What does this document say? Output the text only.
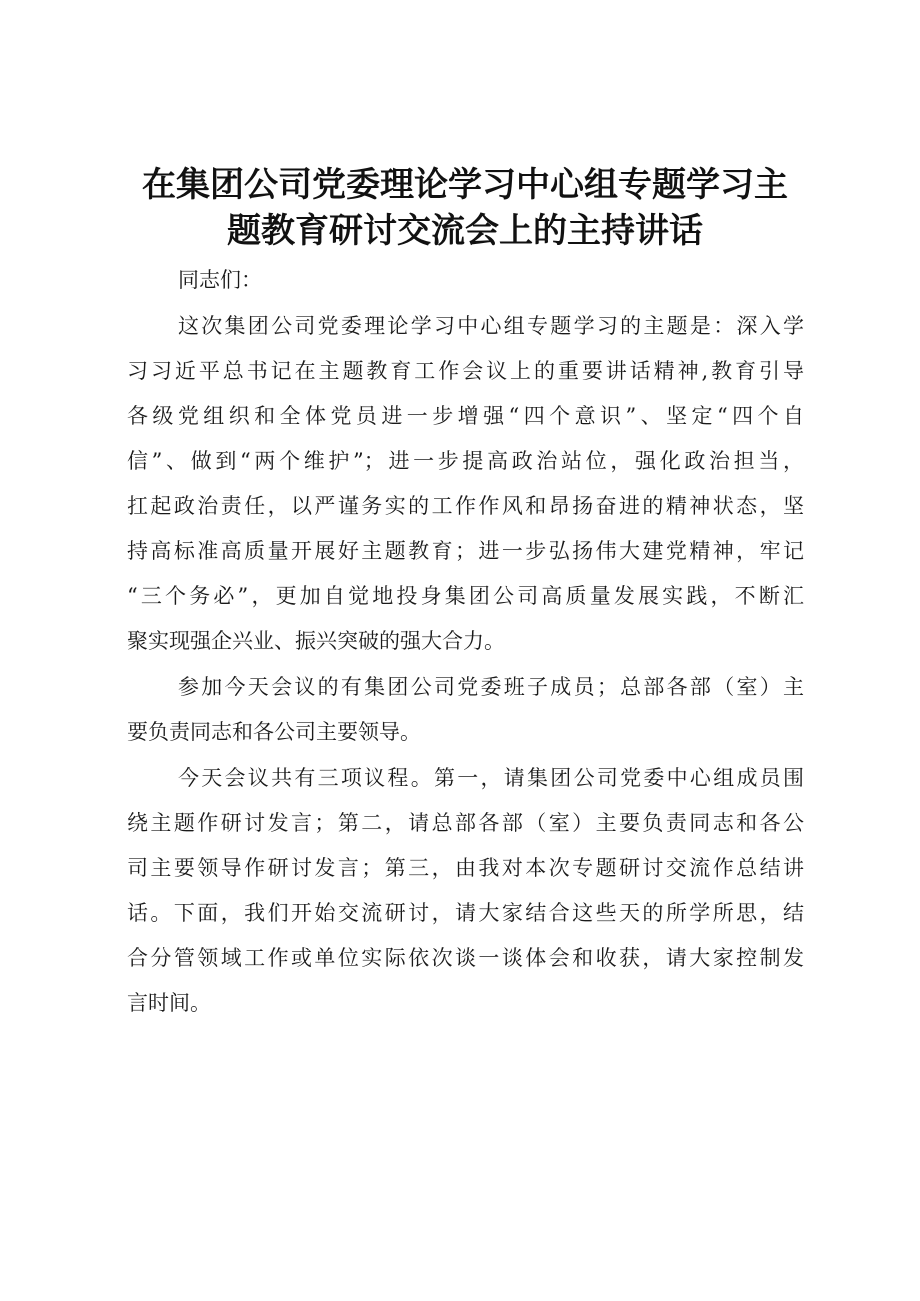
在集团公司党委理论学习中心组专题学习主
题教育研讨交流会上的主持讲话

同志们：

这次集团公司党委理论学习中心组专题学习的主题是：深入学

习习近平总书记在主题教育工作会议上的重要讲话精神,教育引导

各级党组织和全体党员进一步增强“四个意识”、坚定“四个自

信”、做到“两个维护”；进一步提高政治站位，强化政治担当，

扛起政治责任，以严谨务实的工作作风和昂扬奋进的精神状态，坚

持高标准高质量开展好主题教育；进一步弘扬伟大建党精神，牢记

“三个务必”，更加自觉地投身集团公司高质量发展实践，不断汇

聚实现强企兴业、振兴突破的强大合力。

参加今天会议的有集团公司党委班子成员；总部各部（室）主

要负责同志和各公司主要领导。

今天会议共有三项议程。第一，请集团公司党委中心组成员围

绕主题作研讨发言；第二，请总部各部（室）主要负责同志和各公

司主要领导作研讨发言；第三，由我对本次专题研讨交流作总结讲

话。下面，我们开始交流研讨，请大家结合这些天的所学所思，结

合分管领域工作或单位实际依次谈一谈体会和收获，请大家控制发

言时间。
